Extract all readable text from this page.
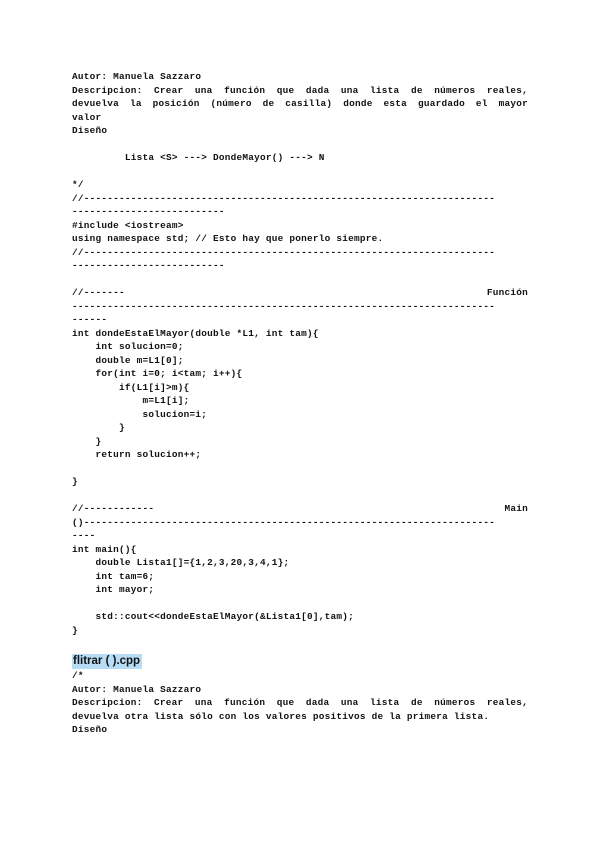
Autor: Manuela Sazzaro
Descripcion: Crear una función que dada una lista de números reales,
devuelva la posición (número de casilla) donde esta guardado el mayor
valor
Diseño
Lista <S> ---> DondeMayor() ---> N
*/
//----------------------------------------------------------------------
--------------------------
#include <iostream>
using namespace std; // Esto hay que ponerlo siempre.
//----------------------------------------------------------------------
--------------------------
//-------	Función
------------------------------------------------------------------------
------
int dondeEstaElMayor(double *L1, int tam){
int solucion=0;
double m=L1[0];
for(int i=0; i<tam; i++){
if(L1[i]>m){
m=L1[i];
solucion=i;
}
}
return solucion++;
}
//------------	Main
()----------------------------------------------------------------------
----
int main(){
double Lista1[]={1,2,3,20,3,4,1};
int tam=6;
int mayor;
std::cout<<dondeEstaElMayor(&Lista1[0],tam);
}
flitrar ( ).cpp
/*
Autor: Manuela Sazzaro
Descripcion: Crear una función que dada una lista de números reales,
devuelva otra lista sólo con los valores positivos de la primera lista.
Diseño
